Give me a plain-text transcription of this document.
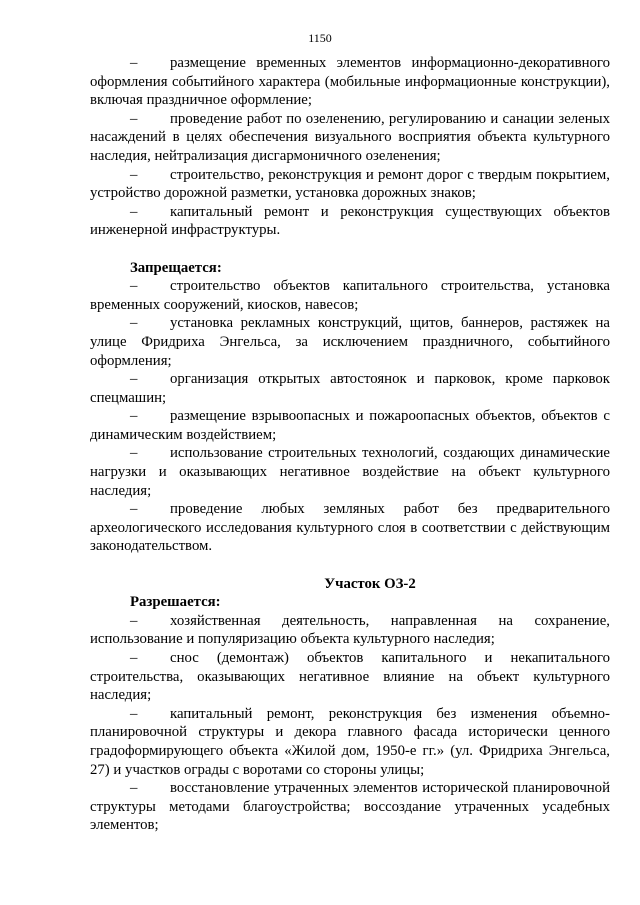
1150

– размещение временных элементов информационно-декоративного оформления событийного характера (мобильные информационные конструкции), включая праздничное оформление;

– проведение работ по озеленению, регулированию и санации зеленых насаждений в целях обеспечения визуального восприятия объекта культурного наследия, нейтрализация дисгармоничного озеленения;

– строительство, реконструкция и ремонт дорог с твердым покрытием, устройство дорожной разметки, установка дорожных знаков;

– капитальный ремонт и реконструкция существующих объектов инженерной инфраструктуры.

Запрещается:

– строительство объектов капитального строительства, установка временных сооружений, киосков, навесов;

– установка рекламных конструкций, щитов, баннеров, растяжек на улице Фридриха Энгельса, за исключением праздничного, событийного оформления;

– организация открытых автостоянок и парковок, кроме парковок спецмашин;

– размещение взрывоопасных и пожароопасных объектов, объектов с динамическим воздействием;

– использование строительных технологий, создающих динамические нагрузки и оказывающих негативное воздействие на объект культурного наследия;

– проведение любых земляных работ без предварительного археологического исследования культурного слоя в соответствии с действующим законодательством.

Участок ОЗ-2

Разрешается:

– хозяйственная деятельность, направленная на сохранение, использование и популяризацию объекта культурного наследия;

– снос (демонтаж) объектов капитального и некапитального строительства, оказывающих негативное влияние на объект культурного наследия;

– капитальный ремонт, реконструкция без изменения объемно-планировочной структуры и декора главного фасада исторически ценного градоформирующего объекта «Жилой дом, 1950-е гг.» (ул. Фридриха Энгельса, 27) и участков ограды с воротами со стороны улицы;

– восстановление утраченных элементов исторической планировочной структуры методами благоустройства; воссоздание утраченных усадебных элементов;
